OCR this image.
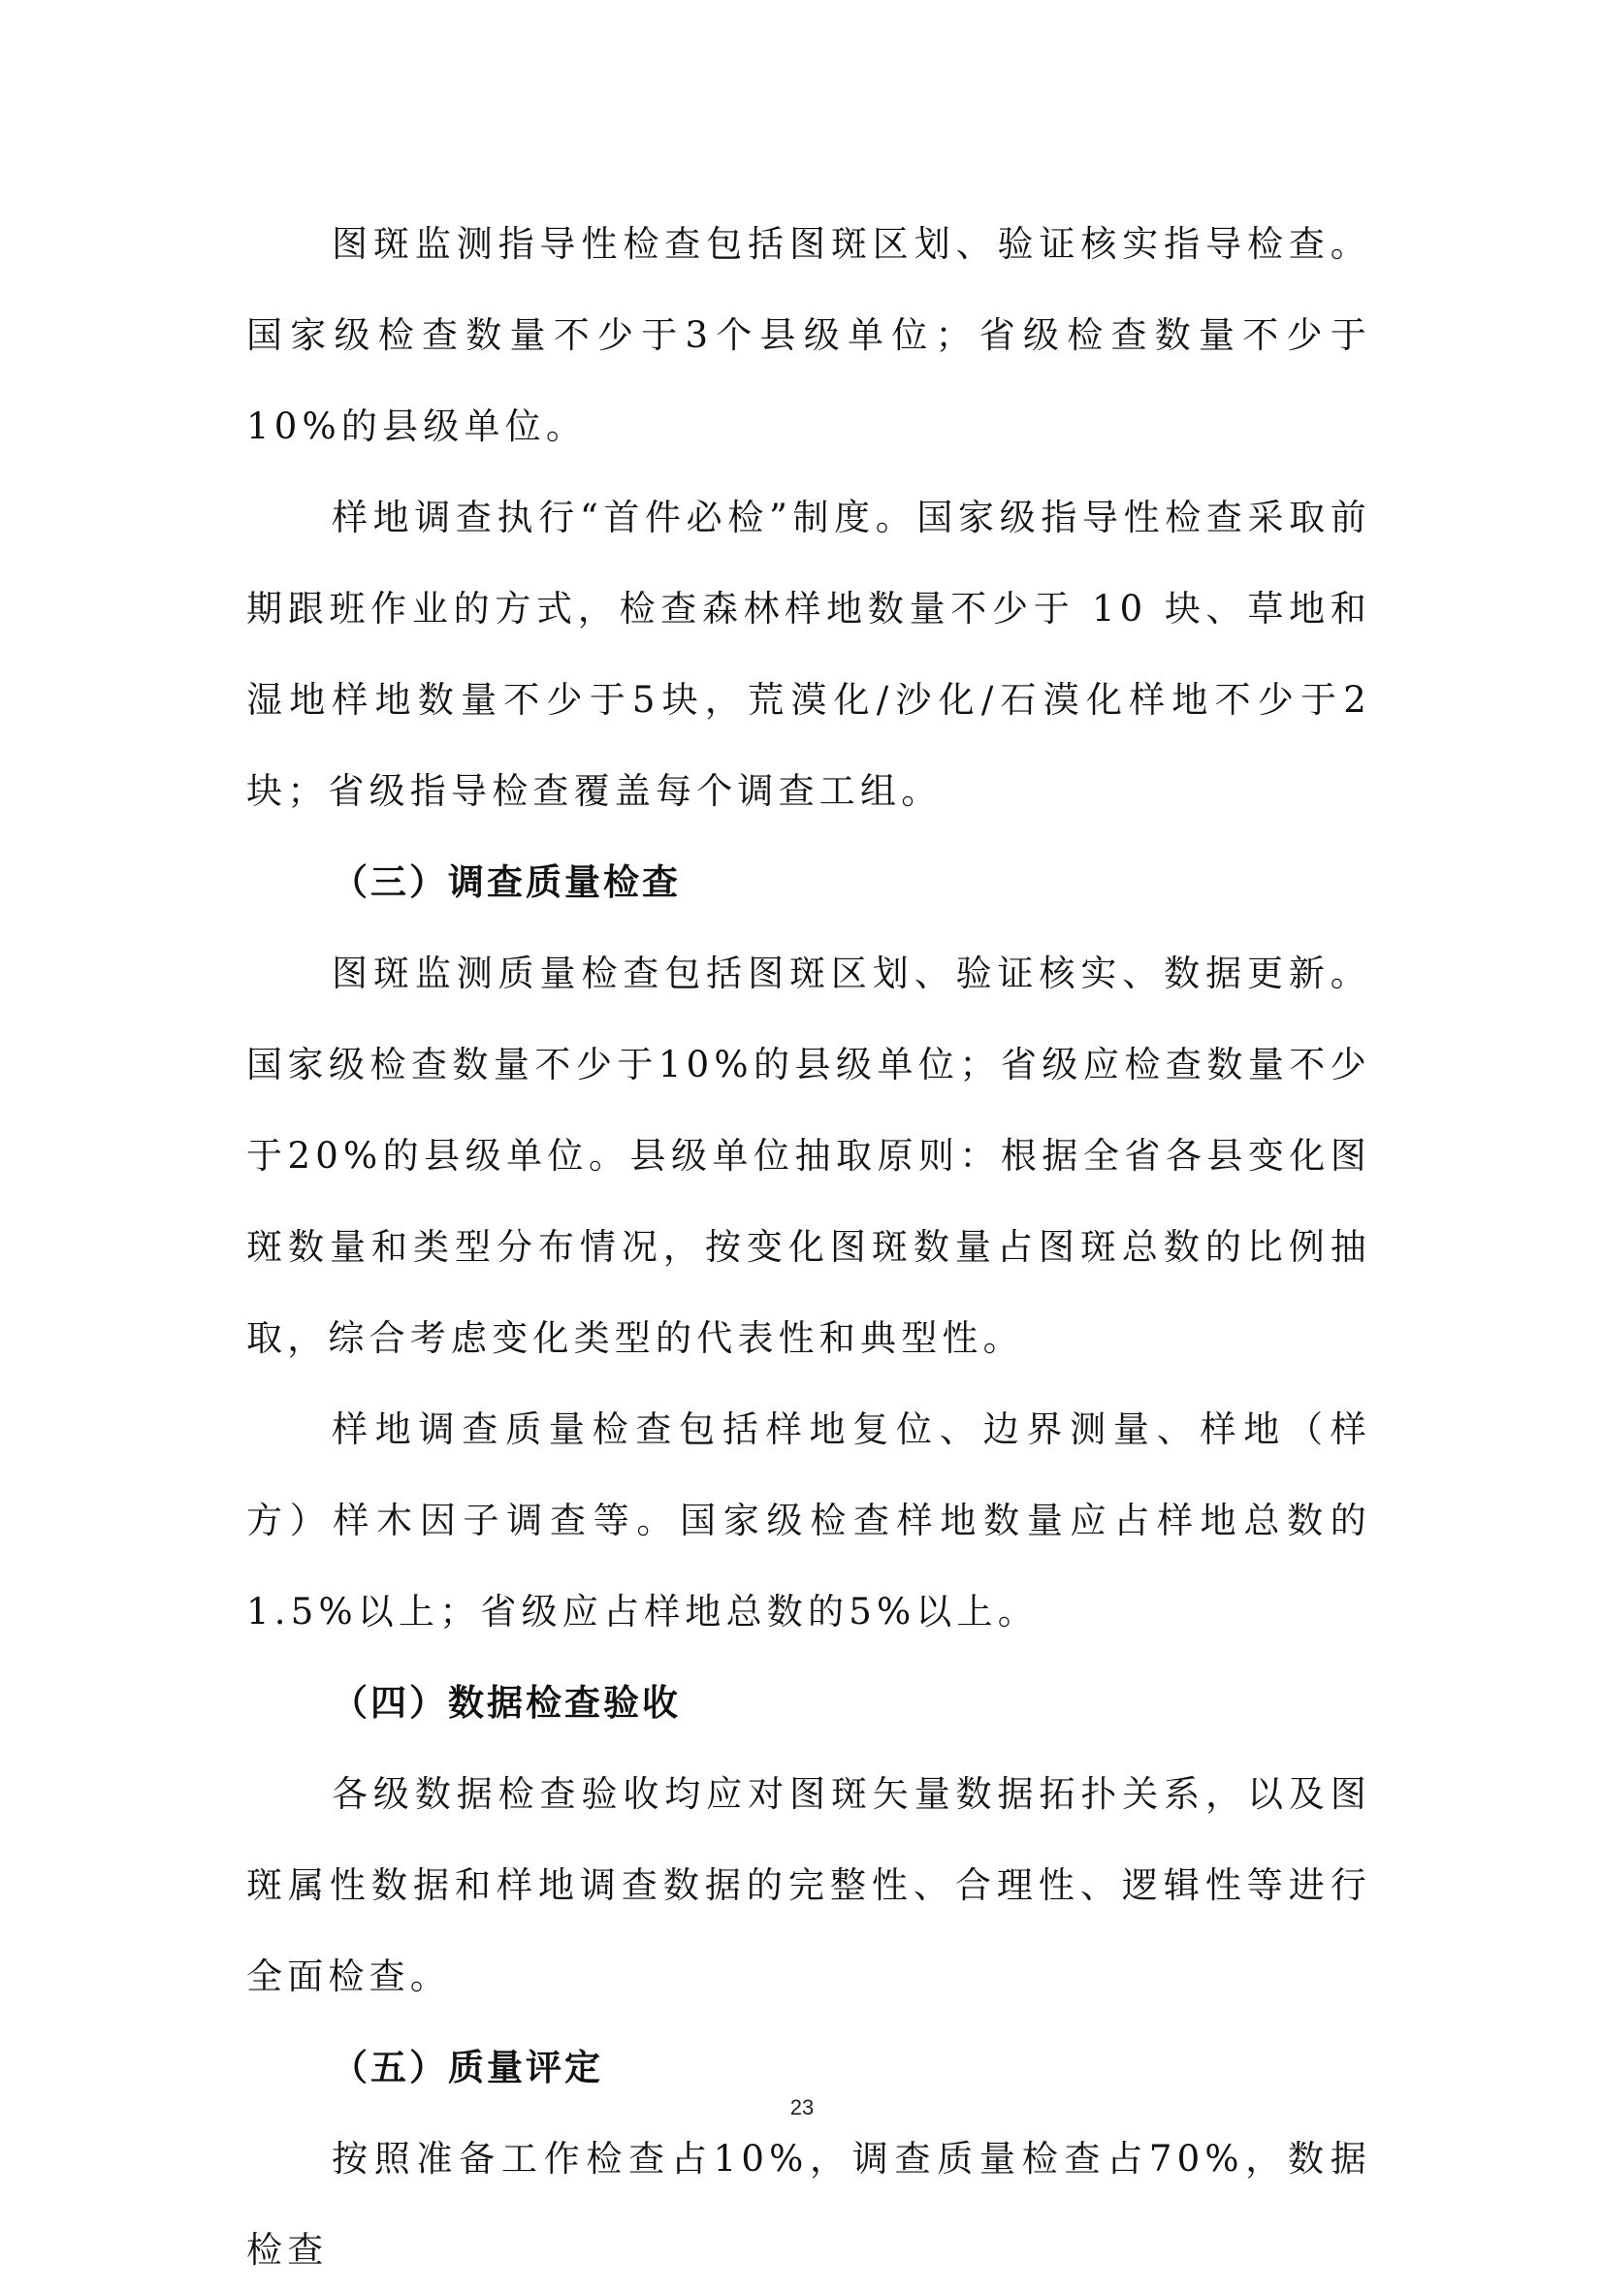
图斑监测指导性检查包括图斑区划、验证核实指导检查。国家级检查数量不少于3个县级单位；省级检查数量不少于10%的县级单位。

样地调查执行“首件必检”制度。国家级指导性检查采取前期跟班作业的方式，检查森林样地数量不少于 10 块、草地和湿地样地数量不少于5块，荒漠化/沙化/石漠化样地不少于2块；省级指导检查覆盖每个调查工组。

（三）调查质量检查

图斑监测质量检查包括图斑区划、验证核实、数据更新。国家级检查数量不少于10%的县级单位；省级应检查数量不少于20%的县级单位。县级单位抽取原则：根据全省各县变化图斑数量和类型分布情况，按变化图斑数量占图斑总数的比例抽取，综合考虑变化类型的代表性和典型性。

样地调查质量检查包括样地复位、边界测量、样地（样方）样木因子调查等。国家级检查样地数量应占样地总数的1.5%以上；省级应占样地总数的5%以上。

（四）数据检查验收

各级数据检查验收均应对图斑矢量数据拓扑关系，以及图斑属性数据和样地调查数据的完整性、合理性、逻辑性等进行全面检查。

（五）质量评定

按照准备工作检查占10%，调查质量检查占70%，数据检查

23
